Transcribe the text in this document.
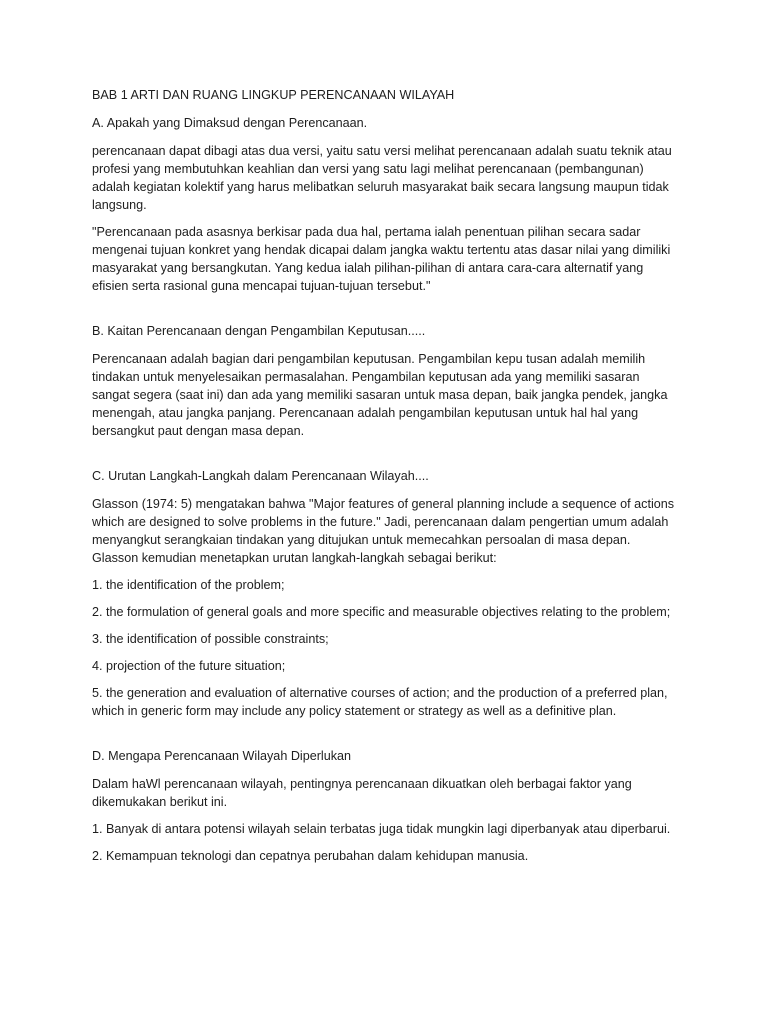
BAB 1 ARTI DAN RUANG LINGKUP PERENCANAAN WILAYAH

A. Apakah yang Dimaksud dengan Perencanaan.

perencanaan dapat dibagi atas dua versi, yaitu satu versi melihat perencanaan adalah suatu teknik atau profesi yang membutuhkan keahlian dan versi yang satu lagi melihat perencanaan (pembangunan) adalah kegiatan kolektif yang harus melibatkan seluruh masyarakat baik secara langsung maupun tidak langsung.

"Perencanaan pada asasnya berkisar pada dua hal, pertama ialah penentuan pilihan secara sadar mengenai tujuan konkret yang hendak dicapai dalam jangka waktu tertentu atas dasar nilai yang dimiliki masyarakat yang bersangkutan. Yang kedua ialah pilihan-pilihan di antara cara-cara alternatif yang efisien serta rasional guna mencapai tujuan-tujuan tersebut."

B. Kaitan Perencanaan dengan Pengambilan Keputusan.....

Perencanaan adalah bagian dari pengambilan keputusan. Pengambilan kepu tusan adalah memilih tindakan untuk menyelesaikan permasalahan. Pengambilan keputusan ada yang memiliki sasaran sangat segera (saat ini) dan ada yang memiliki sasaran untuk masa depan, baik jangka pendek, jangka menengah, atau jangka panjang. Perencanaan adalah pengambilan keputusan untuk hal hal yang bersangkut paut dengan masa depan.

C. Urutan Langkah-Langkah dalam Perencanaan Wilayah....

Glasson (1974: 5) mengatakan bahwa "Major features of general planning include a sequence of actions which are designed to solve problems in the future." Jadi, perencanaan dalam pengertian umum adalah menyangkut serangkaian tindakan yang ditujukan untuk memecahkan persoalan di masa depan. Glasson kemudian menetapkan urutan langkah-langkah sebagai berikut:

1. the identification of the problem;

2. the formulation of general goals and more specific and measurable objectives relating to the problem;

3. the identification of possible constraints;

4. projection of the future situation;

5. the generation and evaluation of alternative courses of action; and the production of a preferred plan, which in generic form may include any policy statement or strategy as well as a definitive plan.

D. Mengapa Perencanaan Wilayah Diperlukan

Dalam haWl perencanaan wilayah, pentingnya perencanaan dikuatkan oleh berbagai faktor yang dikemukakan berikut ini.

1. Banyak di antara potensi wilayah selain terbatas juga tidak mungkin lagi diperbanyak atau diperbarui.

2. Kemampuan teknologi dan cepatnya perubahan dalam kehidupan manusia.
